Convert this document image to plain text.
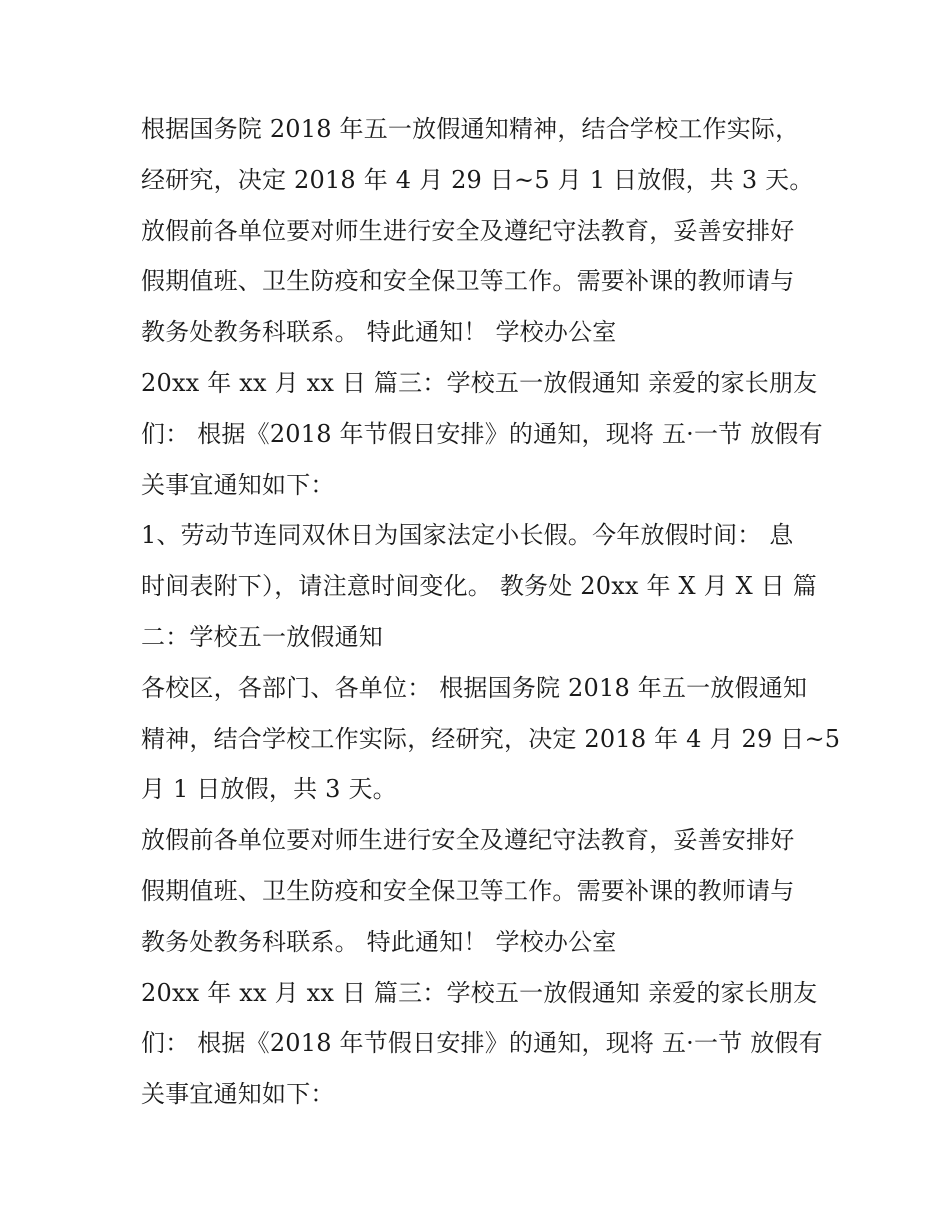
根据国务院 2018 年五一放假通知精神，结合学校工作实际，
经研究，决定 2018 年 4 月 29 日~5 月 1 日放假，共 3 天。
放假前各单位要对师生进行安全及遵纪守法教育，妥善安排好
假期值班、卫生防疫和安全保卫等工作。需要补课的教师请与
教务处教务科联系。 特此通知！ 学校办公室
20xx 年 xx 月 xx 日 篇三：学校五一放假通知 亲爱的家长朋友
们： 根据《2018 年节假日安排》的通知，现将 五·一节 放假有
关事宜通知如下：
1、劳动节连同双休日为国家法定小长假。今年放假时间： 息
时间表附下），请注意时间变化。 教务处 20xx 年 X 月 X 日 篇
二：学校五一放假通知
各校区，各部门、各单位： 根据国务院 2018 年五一放假通知
精神，结合学校工作实际，经研究，决定 2018 年 4 月 29 日~5
月 1 日放假，共 3 天。
放假前各单位要对师生进行安全及遵纪守法教育，妥善安排好
假期值班、卫生防疫和安全保卫等工作。需要补课的教师请与
教务处教务科联系。 特此通知！ 学校办公室
20xx 年 xx 月 xx 日 篇三：学校五一放假通知 亲爱的家长朋友
们： 根据《2018 年节假日安排》的通知，现将 五·一节 放假有
关事宜通知如下：
